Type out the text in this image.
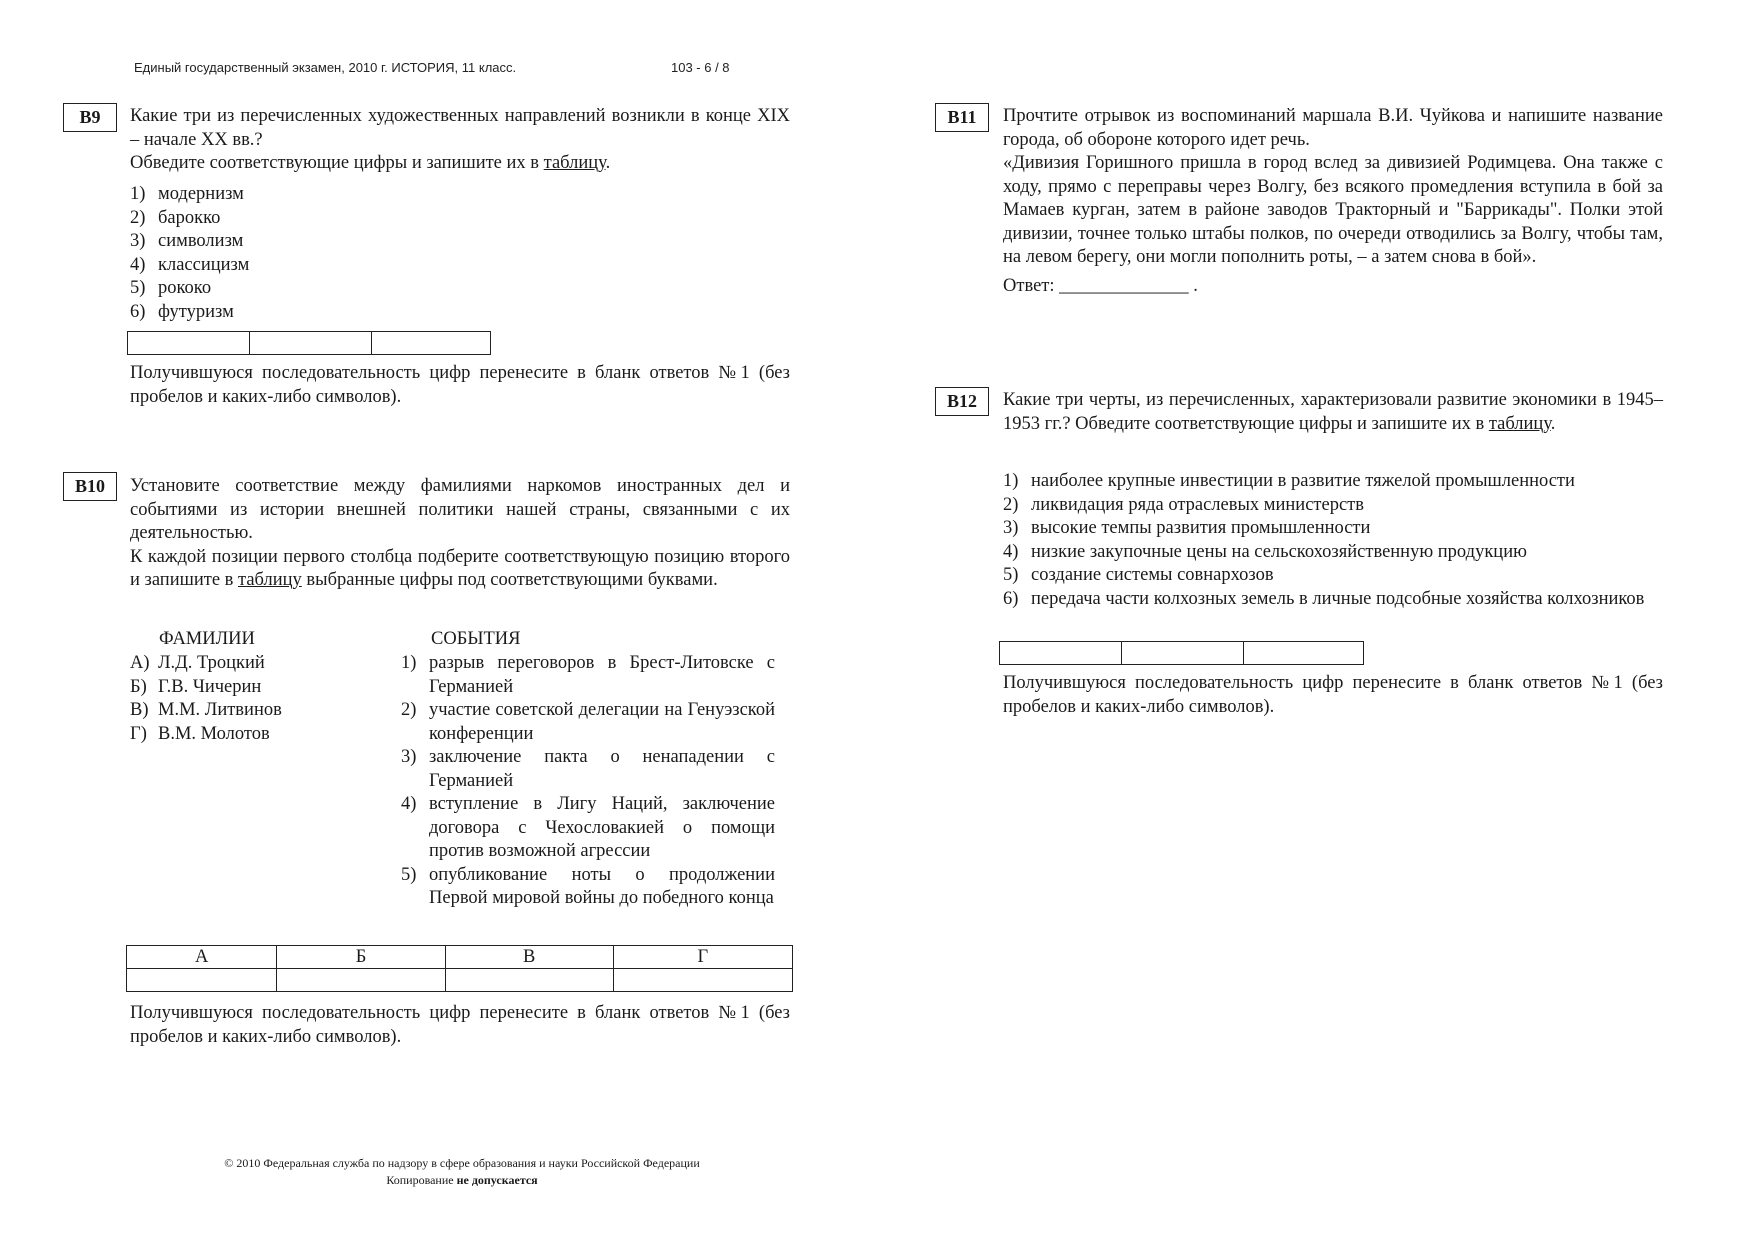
Единый государственный экзамен, 2010 г. ИСТОРИЯ, 11 класс.	103 - 6 / 8
B9	Какие три из перечисленных художественных направлений возникли в конце XIX – начале XX вв.?

Обведите соответствующие цифры и запишите их в таблицу.

1) модернизм
2) барокко
3) символизм
4) классицизм
5) рококо
6) футуризм
Получившуюся последовательность цифр перенесите в бланк ответов №1 (без пробелов и каких-либо символов).
B10	Установите соответствие между фамилиями наркомов иностранных дел и событиями из истории внешней политики нашей страны, связанными с их деятельностью.

К каждой позиции первого столбца подберите соответствующую позицию второго и запишите в таблицу выбранные цифры под соответствующими буквами.

ФАМИЛИИ	СОБЫТИЯ
А) Л.Д. Троцкий
Б) Г.В. Чичерин
В) М.М. Литвинов
Г) В.М. Молотов
1) разрыв переговоров в Брест-Литовске с Германией
2) участие советской делегации на Генуэзской конференции
3) заключение пакта о ненападении с Германией
4) вступление в Лигу Наций, заключение договора с Чехословакией о помощи против возможной агрессии
5) опубликование ноты о продолжении Первой мировой войны до победного конца
А	Б	В	Г

Получившуюся последовательность цифр перенесите в бланк ответов №1 (без пробелов и каких-либо символов).
B11	Прочтите отрывок из воспоминаний маршала В.И. Чуйкова и напишите название города, об обороне которого идет речь.

«Дивизия Горишного пришла в город вслед за дивизией Родимцева. Она также с ходу, прямо с переправы через Волгу, без всякого промедления вступила в бой за Мамаев курган, затем в районе заводов Тракторный и "Баррикады". Полки этой дивизии, точнее только штабы полков, по очереди отводились за Волгу, чтобы там, на левом берегу, они могли пополнить роты, – а затем снова в бой».

Ответ: ______________ .

B12	Какие три черты, из перечисленных, характеризовали развитие экономики в 1945–1953 гг.? Обведите соответствующие цифры и запишите их в таблицу.

1) наиболее крупные инвестиции в развитие тяжелой промышленности
2) ликвидация ряда отраслевых министерств
3) высокие темпы развития промышленности
4) низкие закупочные цены на сельскохозяйственную продукцию
5) создание системы совнархозов
6) передача части колхозных земель в личные подсобные хозяйства колхозников
Получившуюся последовательность цифр перенесите в бланк ответов №1 (без пробелов и каких-либо символов).
© 2010 Федеральная служба по надзору в сфере образования и науки Российской Федерации
Копирование не допускается
